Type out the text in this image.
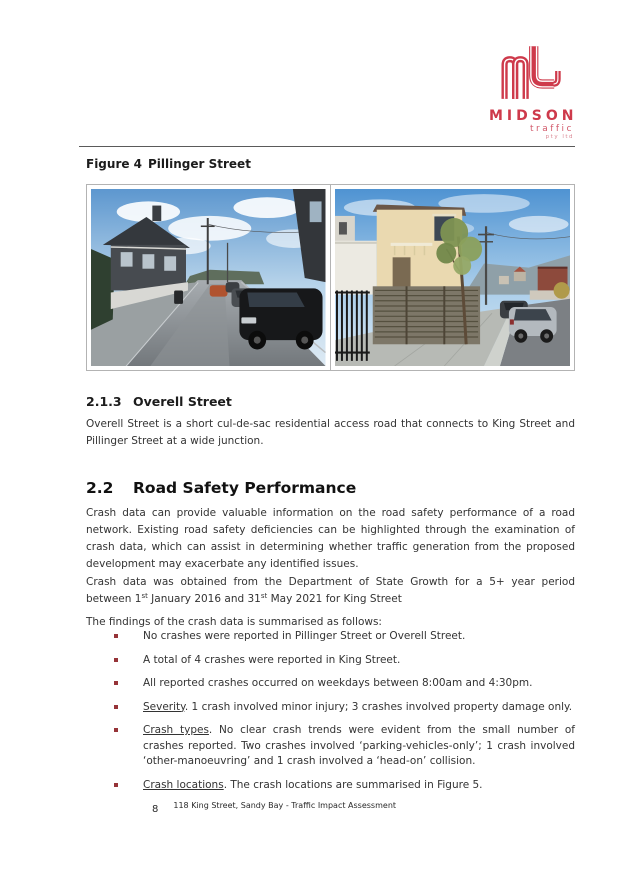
MIDSON
traffic
pty ltd
Figure 4 Pillinger Street
2.1.3 Overell Street
Overell Street is a short cul-de-sac residential access road that connects to King Street and Pillinger Street at a wide junction.
2.2 Road Safety Performance
Crash data can provide valuable information on the road safety performance of a road network. Existing road safety deficiencies can be highlighted through the examination of crash data, which can assist in determining whether traffic generation from the proposed development may exacerbate any identified issues.
Crash data was obtained from the Department of State Growth for a 5+ year period between 1st January 2016 and 31st May 2021 for King Street
The findings of the crash data is summarised as follows:
No crashes were reported in Pillinger Street or Overell Street.
A total of 4 crashes were reported in King Street.
All reported crashes occurred on weekdays between 8:00am and 4:30pm.
Severity. 1 crash involved minor injury; 3 crashes involved property damage only.
Crash types. No clear crash trends were evident from the small number of crashes reported. Two crashes involved ‘parking-vehicles-only’; 1 crash involved ‘other-manoeuvring’ and 1 crash involved a ‘head-on’ collision.
Crash locations. The crash locations are summarised in Figure 5.
8 118 King Street, Sandy Bay - Traffic Impact Assessment
